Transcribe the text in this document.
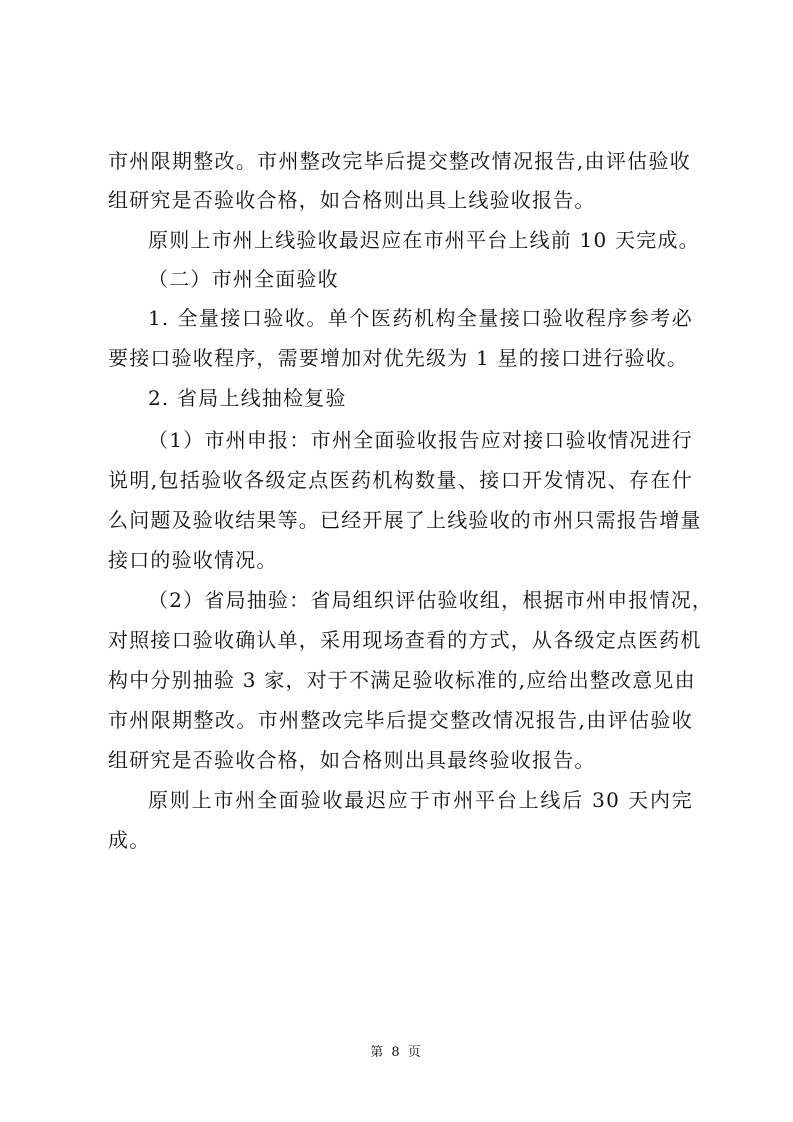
市州限期整改。市州整改完毕后提交整改情况报告,由评估验收
组研究是否验收合格，如合格则出具上线验收报告。
原则上市州上线验收最迟应在市州平台上线前 10 天完成。
（二）市州全面验收
1. 全量接口验收。单个医药机构全量接口验收程序参考必
要接口验收程序，需要增加对优先级为 1 星的接口进行验收。
2. 省局上线抽检复验
（1）市州申报：市州全面验收报告应对接口验收情况进行
说明,包括验收各级定点医药机构数量、接口开发情况、存在什
么问题及验收结果等。已经开展了上线验收的市州只需报告增量
接口的验收情况。
（2）省局抽验：省局组织评估验收组，根据市州申报情况，
对照接口验收确认单，采用现场查看的方式，从各级定点医药机
构中分别抽验 3 家，对于不满足验收标准的,应给出整改意见由
市州限期整改。市州整改完毕后提交整改情况报告,由评估验收
组研究是否验收合格，如合格则出具最终验收报告。
原则上市州全面验收最迟应于市州平台上线后 30 天内完
成。
第 8 页
